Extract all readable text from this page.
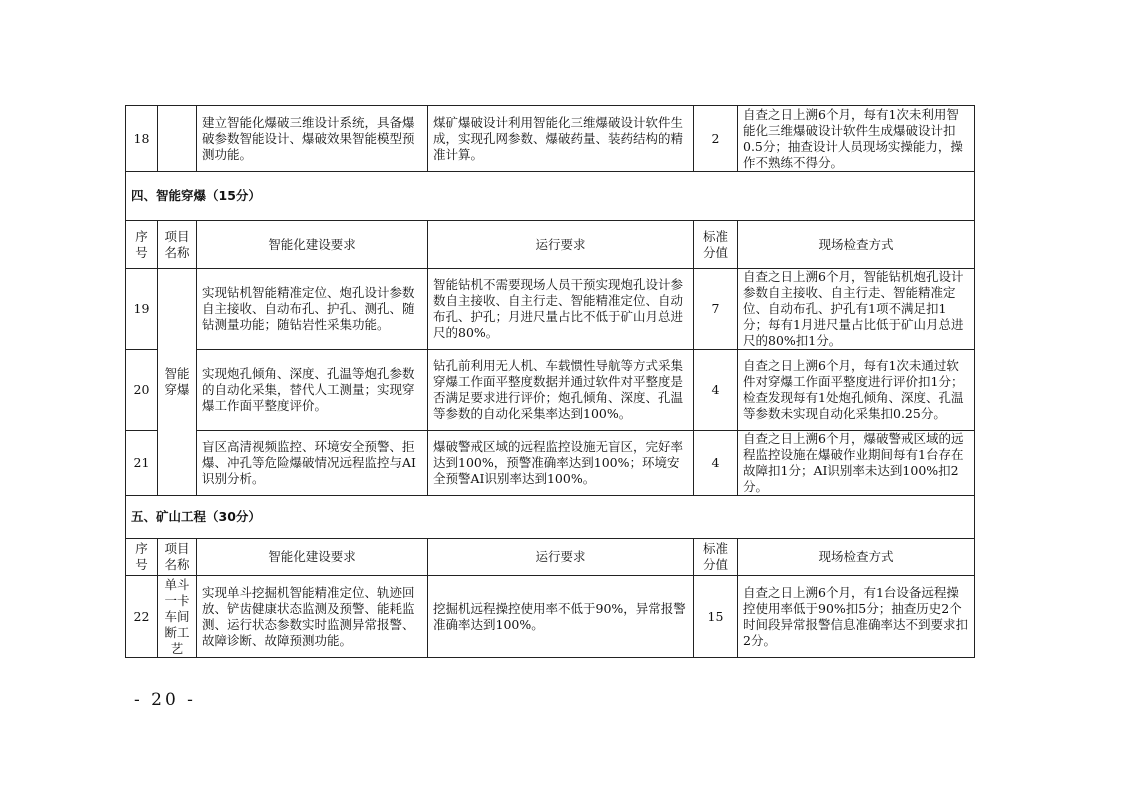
18		建立智能化爆破三维设计系统，具备爆破参数智能设计、爆破效果智能模型预测功能。	煤矿爆破设计利用智能化三维爆破设计软件生成，实现孔网参数、爆破药量、装药结构的精准计算。	2	自查之日上溯6个月，每有1次未利用智能化三维爆破设计软件生成爆破设计扣0.5分；抽查设计人员现场实操能力，操作不熟练不得分。
四、智能穿爆（15分）					
序号	项目名称	智能化建设要求	运行要求	标准分值	现场检查方式
19	智能穿爆	实现钻机智能精准定位、炮孔设计参数自主接收、自动布孔、护孔、测孔、随钻测量功能；随钻岩性采集功能。	智能钻机不需要现场人员干预实现炮孔设计参数自主接收、自主行走、智能精准定位、自动布孔、护孔；月进尺量占比不低于矿山月总进尺的80%。	7	自查之日上溯6个月，智能钻机炮孔设计参数自主接收、自主行走、智能精准定位、自动布孔、护孔有1项不满足扣1分；每有1月进尺量占比低于矿山月总进尺的80%扣1分。
20		实现炮孔倾角、深度、孔温等炮孔参数的自动化采集，替代人工测量；实现穿爆工作面平整度评价。	钻孔前利用无人机、车载惯性导航等方式采集穿爆工作面平整度数据并通过软件对平整度是否满足要求进行评价；炮孔倾角、深度、孔温等参数的自动化采集率达到100%。	4	自查之日上溯6个月，每有1次未通过软件对穿爆工作面平整度进行评价扣1分；检查发现每有1处炮孔倾角、深度、孔温等参数未实现自动化采集扣0.25分。
21		盲区高清视频监控、环境安全预警、拒爆、冲孔等危险爆破情况远程监控与AI识别分析。	爆破警戒区域的远程监控设施无盲区，完好率达到100%，预警准确率达到100%；环境安全预警AI识别率达到100%。	4	自查之日上溯6个月，爆破警戒区域的远程监控设施在爆破作业期间每有1台存在故障扣1分；AI识别率未达到100%扣2分。
五、矿山工程（30分）					
序号	项目名称	智能化建设要求	运行要求	标准分值	现场检查方式
22	单斗一卡车间断工艺	实现单斗挖掘机智能精准定位、轨迹回放、铲齿健康状态监测及预警、能耗监测、运行状态参数实时监测异常报警、故障诊断、故障预测功能。	挖掘机远程操控使用率不低于90%，异常报警准确率达到100%。	15	自查之日上溯6个月，有1台设备远程操控使用率低于90%扣5分；抽查历史2个时间段异常报警信息准确率达不到要求扣2分。
- 20 -
